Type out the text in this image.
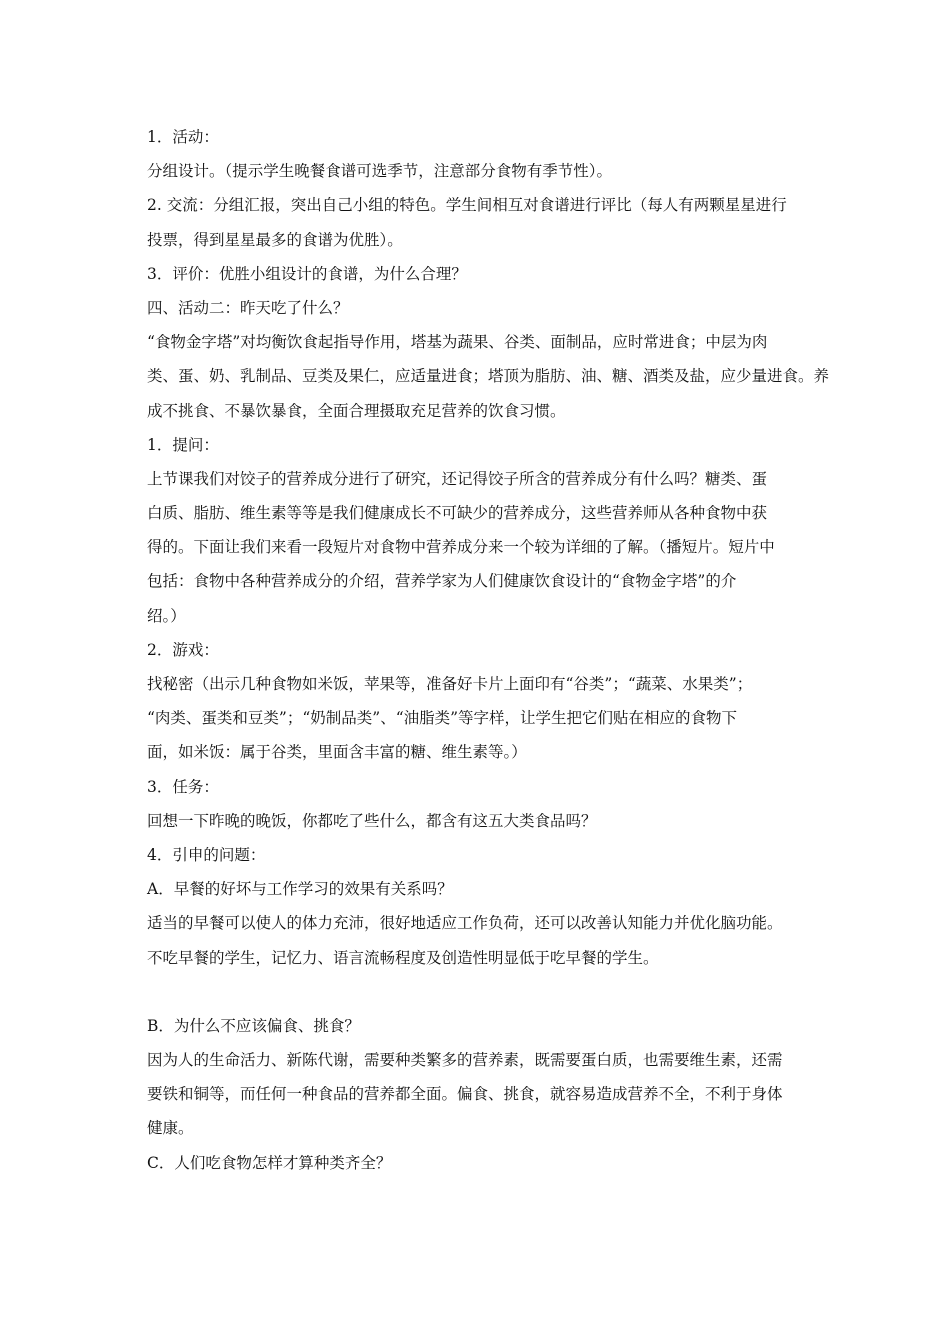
1．活动：
分组设计。（提示学生晚餐食谱可选季节，注意部分食物有季节性）。
2. 交流：分组汇报，突出自己小组的特色。学生间相互对食谱进行评比（每人有两颗星星进行
投票，得到星星最多的食谱为优胜）。
3．评价：优胜小组设计的食谱，为什么合理？
四、活动二：昨天吃了什么？
“食物金字塔”对均衡饮食起指导作用，塔基为蔬果、谷类、面制品，应时常进食；中层为肉
类、蛋、奶、乳制品、豆类及果仁，应适量进食；塔顶为脂肪、油、糖、酒类及盐，应少量进食。养
成不挑食、不暴饮暴食，全面合理摄取充足营养的饮食习惯。
1．提问：
上节课我们对饺子的营养成分进行了研究，还记得饺子所含的营养成分有什么吗？糖类、蛋
白质、脂肪、维生素等等是我们健康成长不可缺少的营养成分，这些营养师从各种食物中获
得的。下面让我们来看一段短片对食物中营养成分来一个较为详细的了解。（播短片。短片中
包括：食物中各种营养成分的介绍，营养学家为人们健康饮食设计的“食物金字塔”的介
绍。）
2．游戏：
找秘密（出示几种食物如米饭，苹果等，准备好卡片上面印有“谷类”；“蔬菜、水果类”；
“肉类、蛋类和豆类”；“奶制品类”、“油脂类”等字样，让学生把它们贴在相应的食物下
面，如米饭：属于谷类，里面含丰富的糖、维生素等。）
3．任务：
回想一下昨晚的晚饭，你都吃了些什么，都含有这五大类食品吗？
4．引申的问题：
A．早餐的好坏与工作学习的效果有关系吗？
适当的早餐可以使人的体力充沛，很好地适应工作负荷，还可以改善认知能力并优化脑功能。
不吃早餐的学生，记忆力、语言流畅程度及创造性明显低于吃早餐的学生。
B．为什么不应该偏食、挑食？
因为人的生命活力、新陈代谢，需要种类繁多的营养素，既需要蛋白质，也需要维生素，还需
要铁和铜等，而任何一种食品的营养都全面。偏食、挑食，就容易造成营养不全，不利于身体
健康。
C．人们吃食物怎样才算种类齐全？
